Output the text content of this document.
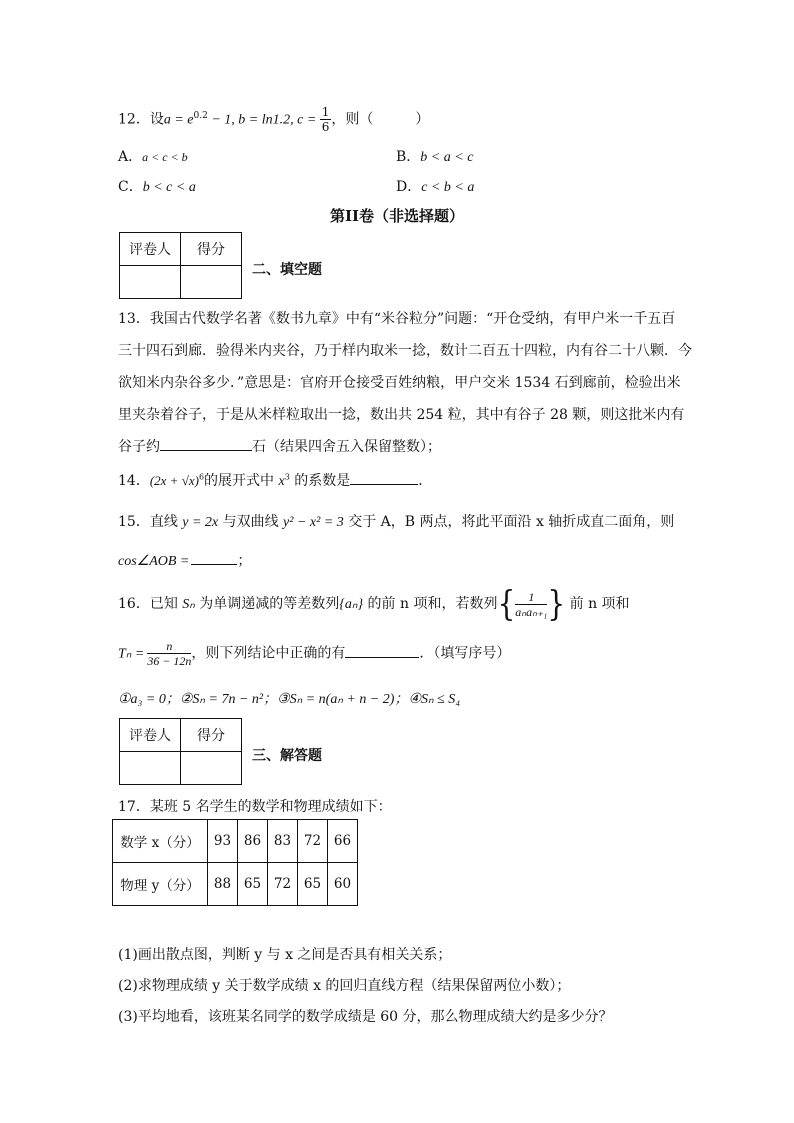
12．设$a = e^{0.2} - 1$, b = ln1.2, $c = \frac{1}{6}$ ，则（　　　）
A．a < c < b	B．b < a < c
C．b < c < a	D．c < b < a
第II卷（非选择题）
评卷人	得分

二、填空题
13．我国古代数学名著《数书九章》中有“米谷粒分”问题：“开仓受纳，有甲户米一千五百
三十四石到廊．验得米内夹谷，乃于样内取米一捻，数计二百五十四粒，内有谷二十八颗．今
欲知米内杂谷多少．”意思是：官府开仓接受百姓纳粮，甲户交米 1534 石到廊前，检验出米
里夹杂着谷子，于是从米样粒取出一捻，数出共 254 粒，其中有谷子 28 颗，则这批米内有
谷子约	石（结果四舍五入保留整数）；
14．$(2x + √x)^6$的展开式中 $x^3$ 的系数是	．
15．直线 y = 2x 与双曲线 y² − x² = 3 交于 A，B 两点，将此平面沿 x 轴折成直二面角，则
cos∠AOB =	；
16．已知 Sₙ 为单调递减的等差数列{aₙ} 的前 n 项和，若数列{ $\frac{1}{\text{aₙaₙ₊₁}}$ } 前 n 项和
$T_n = \frac{n}{36 - 12n}$ ，则下列结论中正确的有	．（填写序号）
①a₃ = 0；②Sₙ = 7n − n²；③Sₙ = n(aₙ + n − 2)；④Sₙ ≤ S₄
评卷人	得分

三、解答题
17．某班 5 名学生的数学和物理成绩如下：
数学 x（分）	93	86	83	72	66
物理 y（分）	88	65	72	65	60
(1)画出散点图，判断 y 与 x 之间是否具有相关关系；
(2)求物理成绩 y 关于数学成绩 x 的回归直线方程（结果保留两位小数）；
(3)平均地看，该班某名同学的数学成绩是 60 分，那么物理成绩大约是多少分？
